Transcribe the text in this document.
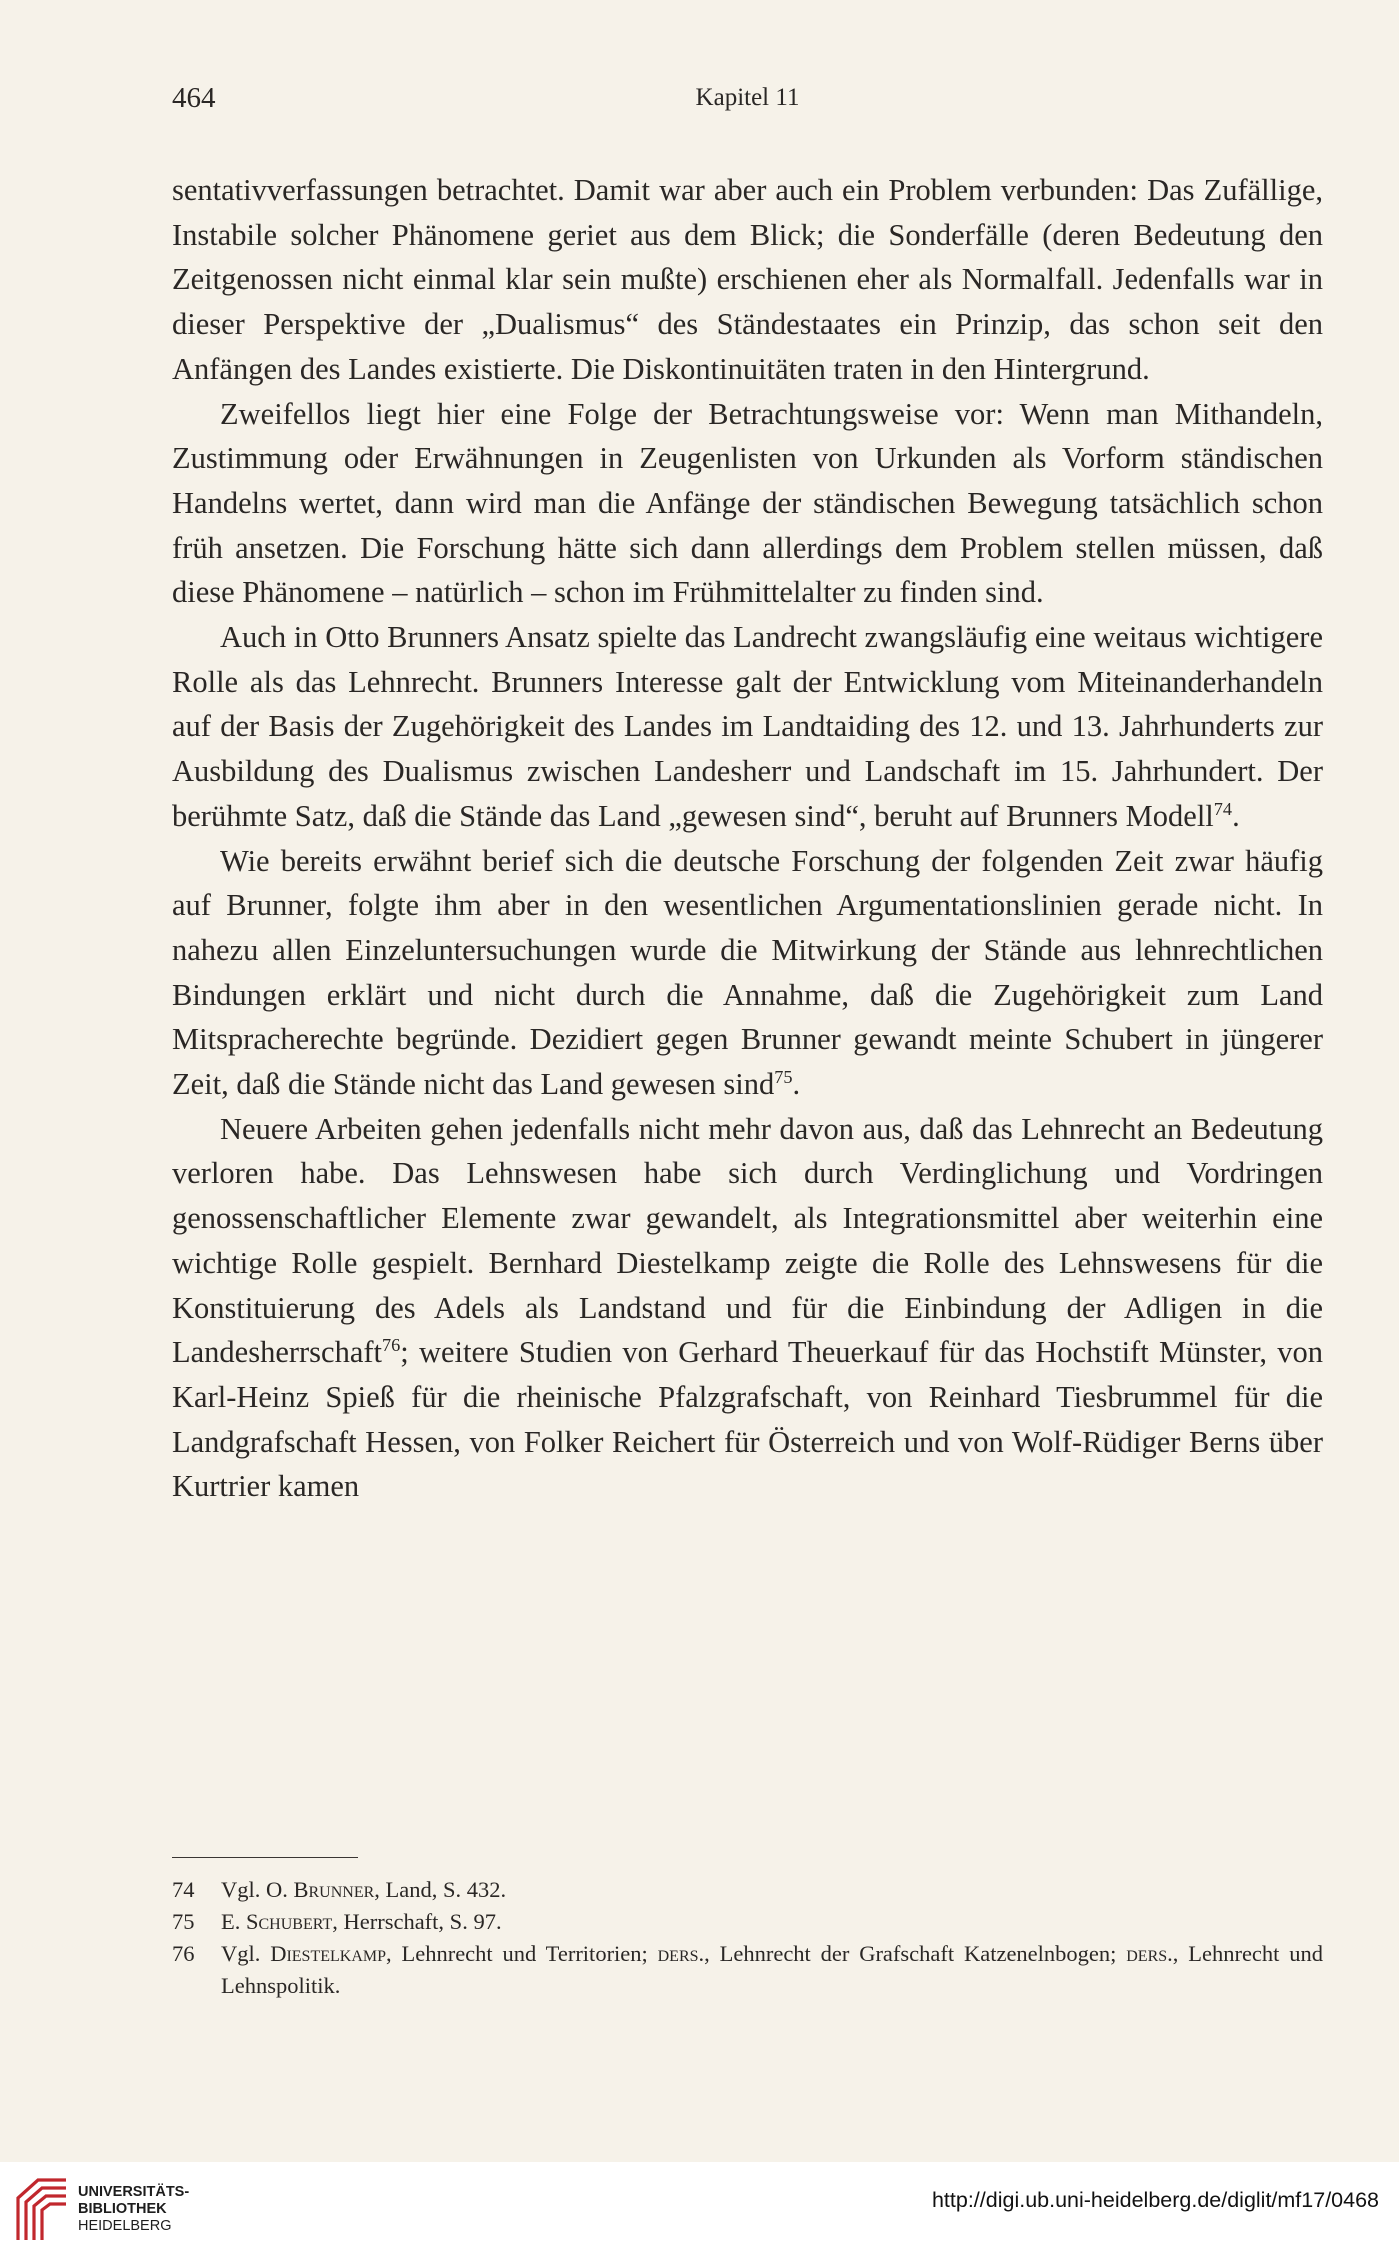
464	Kapitel 11

sentativverfassungen betrachtet. Damit war aber auch ein Problem verbunden: Das Zufällige, Instabile solcher Phänomene geriet aus dem Blick; die Sonderfälle (deren Bedeutung den Zeitgenossen nicht einmal klar sein mußte) erschienen eher als Normalfall. Jedenfalls war in dieser Perspektive der „Dualismus“ des Ständestaates ein Prinzip, das schon seit den Anfängen des Landes existierte. Die Diskontinuitäten traten in den Hintergrund.

Zweifellos liegt hier eine Folge der Betrachtungsweise vor: Wenn man Mithandeln, Zustimmung oder Erwähnungen in Zeugenlisten von Urkunden als Vorform ständischen Handelns wertet, dann wird man die Anfänge der ständischen Bewegung tatsächlich schon früh ansetzen. Die Forschung hätte sich dann allerdings dem Problem stellen müssen, daß diese Phänomene – natürlich – schon im Frühmittelalter zu finden sind.

Auch in Otto Brunners Ansatz spielte das Landrecht zwangsläufig eine weitaus wichtigere Rolle als das Lehnrecht. Brunners Interesse galt der Entwicklung vom Miteinanderhandeln auf der Basis der Zugehörigkeit des Landes im Landtaiding des 12. und 13. Jahrhunderts zur Ausbildung des Dualismus zwischen Landesherr und Landschaft im 15. Jahrhundert. Der berühmte Satz, daß die Stände das Land „gewesen sind“, beruht auf Brunners Modell$^{74}$.

Wie bereits erwähnt berief sich die deutsche Forschung der folgenden Zeit zwar häufig auf Brunner, folgte ihm aber in den wesentlichen Argumentationslinien gerade nicht. In nahezu allen Einzeluntersuchungen wurde die Mitwirkung der Stände aus lehnrechtlichen Bindungen erklärt und nicht durch die Annahme, daß die Zugehörigkeit zum Land Mitspracherechte begründe. Dezidiert gegen Brunner gewandt meinte Schubert in jüngerer Zeit, daß die Stände nicht das Land gewesen sind$^{75}$.

Neuere Arbeiten gehen jedenfalls nicht mehr davon aus, daß das Lehnrecht an Bedeutung verloren habe. Das Lehnswesen habe sich durch Verdinglichung und Vordringen genossenschaftlicher Elemente zwar gewandelt, als Integrationsmittel aber weiterhin eine wichtige Rolle gespielt. Bernhard Diestelkamp zeigte die Rolle des Lehnswesens für die Konstituierung des Adels als Landstand und für die Einbindung der Adligen in die Landesherrschaft$^{76}$; weitere Studien von Gerhard Theuerkauf für das Hochstift Münster, von Karl-Heinz Spieß für die rheinische Pfalzgrafschaft, von Reinhard Tiesbrummel für die Landgrafschaft Hessen, von Folker Reichert für Österreich und von Wolf-Rüdiger Berns über Kurtrier kamen

74 Vgl. O. Brunner, Land, S. 432.

75 E. Schubert, Herrschaft, S. 97.

76 Vgl. Diestelkamp, Lehnrecht und Territorien; ders., Lehnrecht der Grafschaft Katzenelnbogen; ders., Lehnrecht und Lehnspolitik.

UNIVERSITÄTS-
BIBLIOTHEK
HEIDELBERG
http://digi.ub.uni-heidelberg.de/diglit/mf17/0468
